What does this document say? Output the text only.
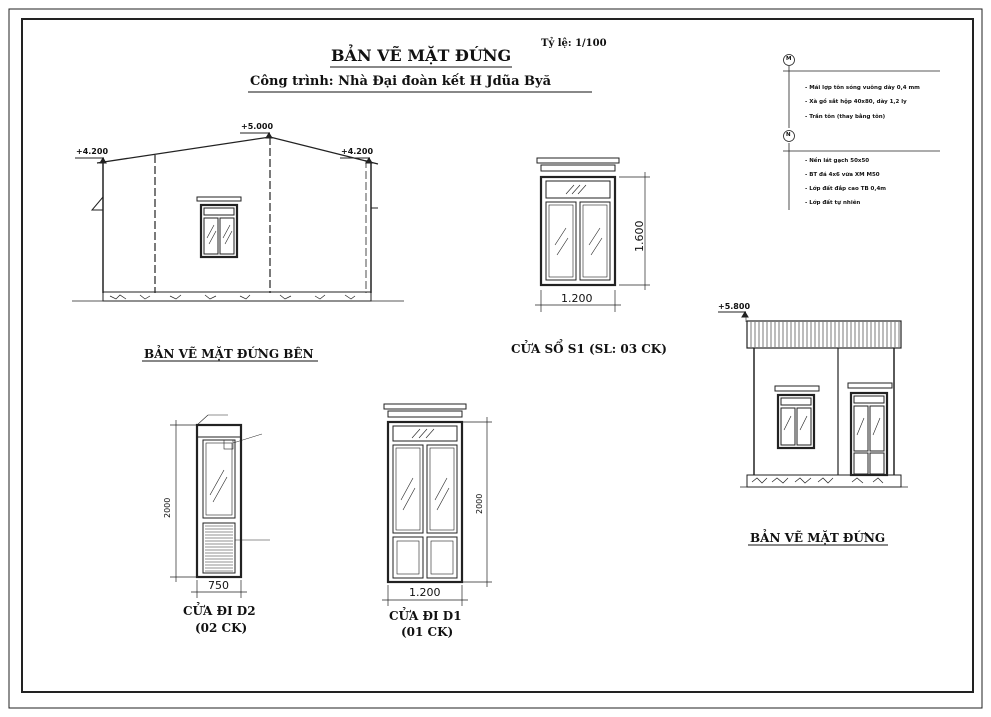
BẢN VẼ MẶT ĐỨNG
Công trình: Nhà Đại đoàn kết H Jdũa Byă
Tỷ lệ: 1/100
+4.200
+5.000
+4.200
BẢN VẼ MẶT ĐỨNG BÊN
1.200
1.600
CỬA SỔ S1 (SL: 03 CK)
+5.800
BẢN VẼ MẶT ĐỨNG
750
2000
CỬA ĐI D2
(02 CK)
1.200
2000
CỬA ĐI D1
(01 CK)
M
N
- Mái lợp tôn sóng vuông dày 0,4 mm
- Xà gồ sắt hộp 40x80, dày 1,2 ly
- Trần tôn (thay bằng tôn)
- Nền lát gạch 50x50
- BT đá 4x6 vữa XM M50
- Lớp đất đắp cao TB 0,4m
- Lớp đất tự nhiên
